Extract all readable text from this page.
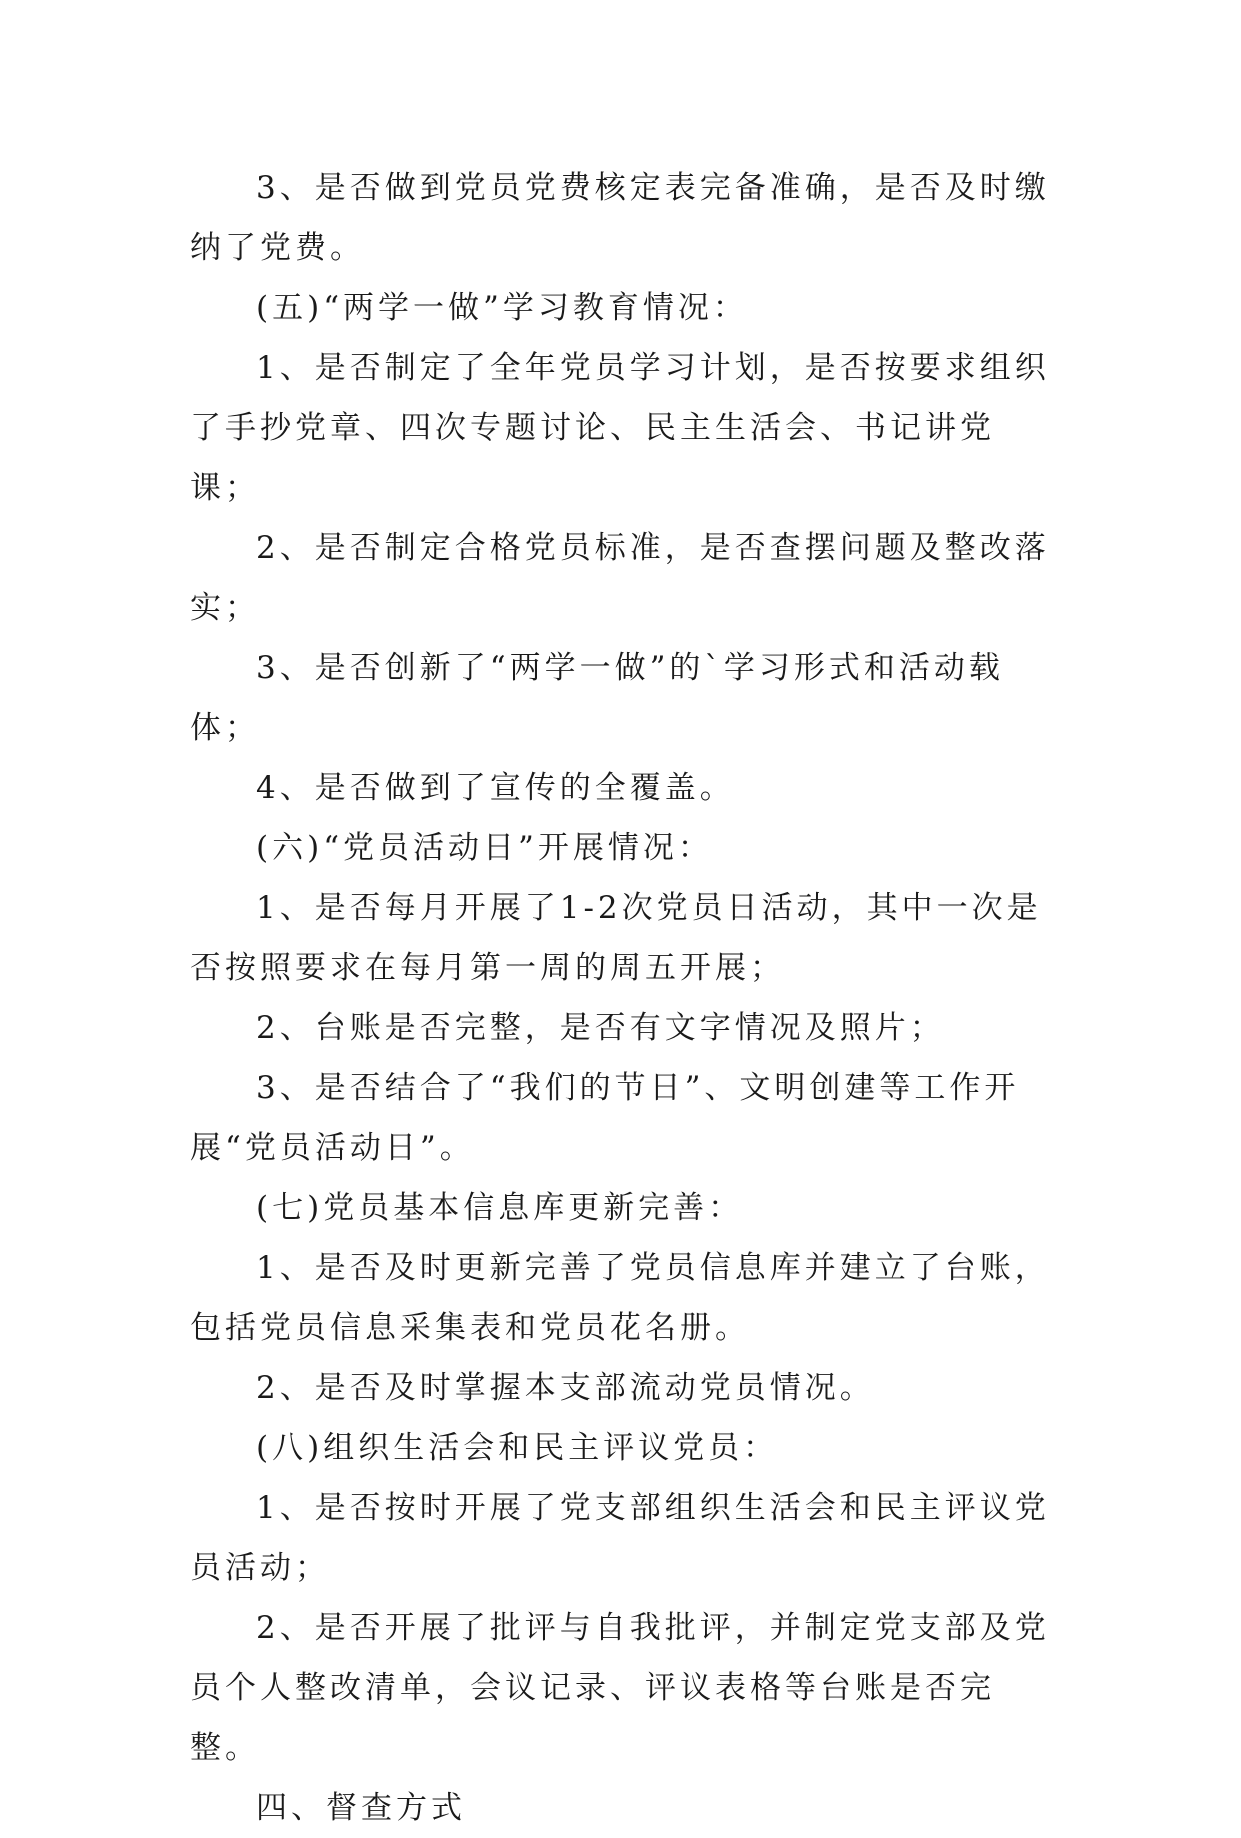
3、是否做到党员党费核定表完备准确，是否及时缴纳了党费。

(五)“两学一做”学习教育情况：

1、是否制定了全年党员学习计划，是否按要求组织了手抄党章、四次专题讨论、民主生活会、书记讲党课；

2、是否制定合格党员标准，是否查摆问题及整改落实；

3、是否创新了“两学一做”的`学习形式和活动载体；

4、是否做到了宣传的全覆盖。

(六)“党员活动日”开展情况：

1、是否每月开展了1-2次党员日活动，其中一次是否按照要求在每月第一周的周五开展；

2、台账是否完整，是否有文字情况及照片；

3、是否结合了“我们的节日”、文明创建等工作开展“党员活动日”。

(七)党员基本信息库更新完善：

1、是否及时更新完善了党员信息库并建立了台账，包括党员信息采集表和党员花名册。

2、是否及时掌握本支部流动党员情况。

(八)组织生活会和民主评议党员：

1、是否按时开展了党支部组织生活会和民主评议党员活动；

2、是否开展了批评与自我批评，并制定党支部及党员个人整改清单，会议记录、评议表格等台账是否完整。

四、督查方式
